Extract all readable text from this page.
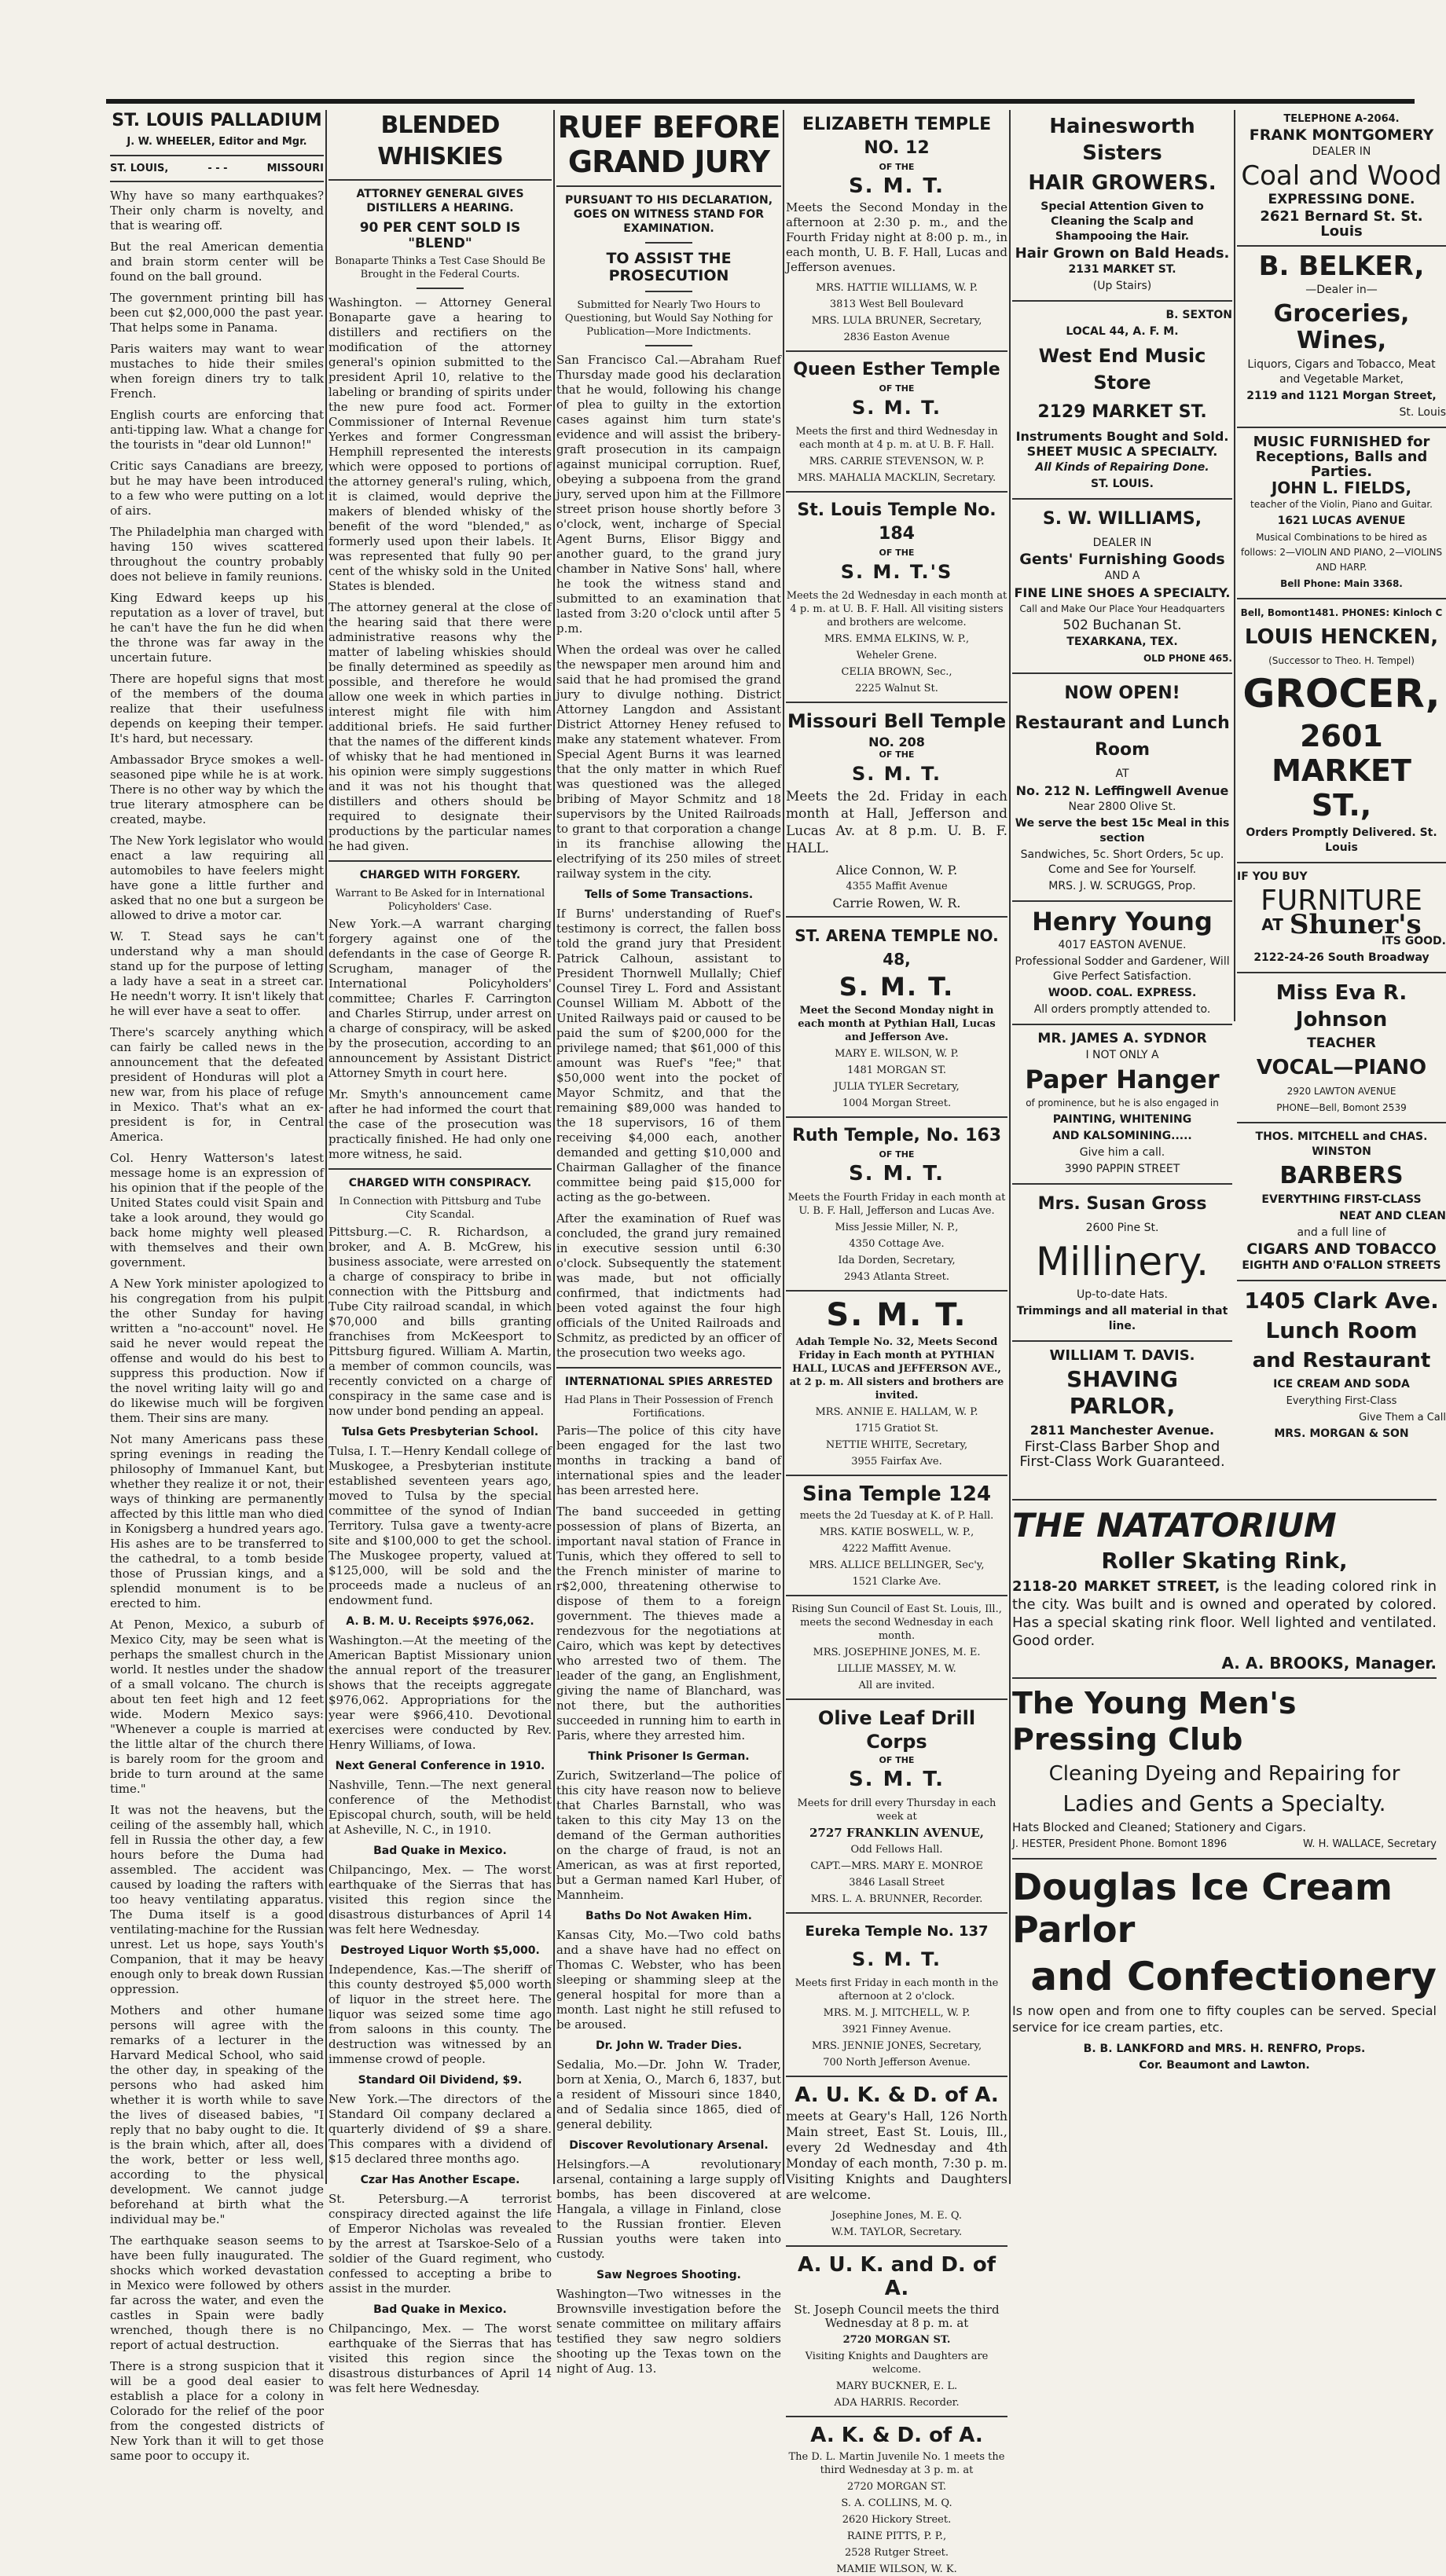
ST. LOUIS PALLADIUM
J. W. WHEELER, Editor and Mgr.
ST. LOUIS,	- - -	MISSOURI

Why have so many earthquakes? Their only charm is novelty, and that is wearing off.

But the real American dementia and brain storm center will be found on the ball ground.

The government printing bill has been cut $2,000,000 the past year. That helps some in Panama.

Paris waiters may want to wear mustaches to hide their smiles when foreign diners try to talk French.

English courts are enforcing that anti-tipping law. What a change for the tourists in "dear old Lunnon!"

Critic says Canadians are breezy, but he may have been introduced to a few who were putting on a lot of airs.

The Philadelphia man charged with having 150 wives scattered throughout the country probably does not believe in family reunions.

King Edward keeps up his reputation as a lover of travel, but he can't have the fun he did when the throne was far away in the uncertain future.

There are hopeful signs that most of the members of the douma realize that their usefulness depends on keeping their temper. It's hard, but necessary.

Ambassador Bryce smokes a well-seasoned pipe while he is at work. There is no other way by which the true literary atmosphere can be created, maybe.

The New York legislator who would enact a law requiring all automobiles to have feelers might have gone a little further and asked that no one but a surgeon be allowed to drive a motor car.

W. T. Stead says he can't understand why a man should stand up for the purpose of letting a lady have a seat in a street car. He needn't worry. It isn't likely that he will ever have a seat to offer.

There's scarcely anything which can fairly be called news in the announcement that the defeated president of Honduras will plot a new war, from his place of refuge in Mexico. That's what an ex-president is for, in Central America.

Col. Henry Watterson's latest message home is an expression of his opinion that if the people of the United States could visit Spain and take a look around, they would go back home mighty well pleased with themselves and their own government.

A New York minister apologized to his congregation from his pulpit the other Sunday for having written a "no-account" novel. He said he never would repeat the offense and would do his best to suppress this production. Now if the novel writing laity will go and do likewise much will be forgiven them. Their sins are many.

Not many Americans pass these spring evenings in reading the philosophy of Immanuel Kant, but whether they realize it or not, their ways of thinking are permanently affected by this little man who died in Konigsberg a hundred years ago. His ashes are to be transferred to the cathedral, to a tomb beside those of Prussian kings, and a splendid monument is to be erected to him.

At Penon, Mexico, a suburb of Mexico City, may be seen what is perhaps the smallest church in the world. It nestles under the shadow of a small volcano. The church is about ten feet high and 12 feet wide. Modern Mexico says: "Whenever a couple is married at the little altar of the church there is barely room for the groom and bride to turn around at the same time."

It was not the heavens, but the ceiling of the assembly hall, which fell in Russia the other day, a few hours before the Duma had assembled. The accident was caused by loading the rafters with too heavy ventilating apparatus. The Duma itself is a good ventilating-machine for the Russian unrest. Let us hope, says Youth's Companion, that it may be heavy enough only to break down Russian oppression.

Mothers and other humane persons will agree with the remarks of a lecturer in the Harvard Medical School, who said the other day, in speaking of the persons who had asked him whether it is worth while to save the lives of diseased babies, "I reply that no baby ought to die. It is the brain which, after all, does the work, better or less well, according to the physical development. We cannot judge beforehand at birth what the individual may be."

The earthquake season seems to have been fully inaugurated. The shocks which worked devastation in Mexico were followed by others far across the water, and even the castles in Spain were badly wrenched, though there is no report of actual destruction.

There is a strong suspicion that it will be a good deal easier to establish a place for a colony in Colorado for the relief of the poor from the congested districts of New York than it will to get those same poor to occupy it.

BLENDED WHISKIES
ATTORNEY GENERAL GIVES DISTILLERS A HEARING.
90 PER CENT SOLD IS "BLEND"
Bonaparte Thinks a Test Case Should Be Brought in the Federal Courts.

Washington. — Attorney General Bonaparte gave a hearing to distillers and rectifiers on the modification of the attorney general's opinion submitted to the president April 10, relative to the labeling or branding of spirits under the new pure food act. Former Commissioner of Internal Revenue Yerkes and former Congressman Hemphill represented the interests which were opposed to portions of the attorney general's ruling, which, it is claimed, would deprive the makers of blended whisky of the benefit of the word "blended," as formerly used upon their labels. It was represented that fully 90 per cent of the whisky sold in the United States is blended.

The attorney general at the close of the hearing said that there were administrative reasons why the matter of labeling whiskies should be finally determined as speedily as possible, and therefore he would allow one week in which parties in interest might file with him additional briefs. He said further that the names of the different kinds of whisky that he had mentioned in his opinion were simply suggestions and it was not his thought that distillers and others should be required to designate their productions by the particular names he had given.

CHARGED WITH FORGERY.
Warrant to Be Asked for in International Policyholders' Case.

New York.—A warrant charging forgery against one of the defendants in the case of George R. Scrugham, manager of the International Policyholders' committee; Charles F. Carrington and Charles Stirrup, under arrest on a charge of conspiracy, will be asked by the prosecution, according to an announcement by Assistant District Attorney Smyth in court here.

Mr. Smyth's announcement came after he had informed the court that the case of the prosecution was practically finished. He had only one more witness, he said.

CHARGED WITH CONSPIRACY.
In Connection with Pittsburg and Tube City Scandal.

Pittsburg.—C. R. Richardson, a broker, and A. B. McGrew, his business associate, were arrested on a charge of conspiracy to bribe in connection with the Pittsburg and Tube City railroad scandal, in which $70,000 and bills granting franchises from McKeesport to Pittsburg figured. William A. Martin, a member of common councils, was recently convicted on a charge of conspiracy in the same case and is now under bond pending an appeal.

Tulsa Gets Presbyterian School.

Tulsa, I. T.—Henry Kendall college of Muskogee, a Presbyterian institute established seventeen years ago, moved to Tulsa by the special committee of the synod of Indian Territory. Tulsa gave a twenty-acre site and $100,000 to get the school. The Muskogee property, valued at $125,000, will be sold and the proceeds made a nucleus of an endowment fund.

A. B. M. U. Receipts $976,062.

Washington.—At the meeting of the American Baptist Missionary union the annual report of the treasurer shows that the receipts aggregate $976,062. Appropriations for the year were $966,410. Devotional exercises were conducted by Rev. Henry Williams, of Iowa.

Next General Conference in 1910.

Nashville, Tenn.—The next general conference of the Methodist Episcopal church, south, will be held at Asheville, N. C., in 1910.

Bad Quake in Mexico.

Chilpancingo, Mex. — The worst earthquake of the Sierras that has visited this region since the disastrous disturbances of April 14 was felt here Wednesday.

Destroyed Liquor Worth $5,000.

Independence, Kas.—The sheriff of this county destroyed $5,000 worth of liquor in the street here. The liquor was seized some time ago from saloons in this county. The destruction was witnessed by an immense crowd of people.

Standard Oil Dividend, $9.

New York.—The directors of the Standard Oil company declared a quarterly dividend of $9 a share. This compares with a dividend of $15 declared three months ago.

Czar Has Another Escape.

St. Petersburg.—A terrorist conspiracy directed against the life of Emperor Nicholas was revealed by the arrest at Tsarskoe-Selo of a soldier of the Guard regiment, who confessed to accepting a bribe to assist in the murder.

Bad Quake in Mexico.

Chilpancingo, Mex. — The worst earthquake of the Sierras that has visited this region since the disastrous disturbances of April 14 was felt here Wednesday.

RUEF BEFORE
GRAND JURY
PURSUANT TO HIS DECLARATION, GOES ON WITNESS STAND FOR EXAMINATION.
TO ASSIST THE PROSECUTION
Submitted for Nearly Two Hours to Questioning, but Would Say Nothing for Publication—More Indictments.

San Francisco Cal.—Abraham Ruef Thursday made good his declaration that he would, following his change of plea to guilty in the extortion cases against him turn state's evidence and will assist the bribery-graft prosecution in its campaign against municipal corruption. Ruef, obeying a subpoena from the grand jury, served upon him at the Fillmore street prison house shortly before 3 o'clock, went, incharge of Special Agent Burns, Elisor Biggy and another guard, to the grand jury chamber in Native Sons' hall, where he took the witness stand and submitted to an examination that lasted from 3:20 o'clock until after 5 p.m.

When the ordeal was over he called the newspaper men around him and said that he had promised the grand jury to divulge nothing. District Attorney Langdon and Assistant District Attorney Heney refused to make any statement whatever. From Special Agent Burns it was learned that the only matter in which Ruef was questioned was the alleged bribing of Mayor Schmitz and 18 supervisors by the United Railroads to grant to that corporation a change in its franchise allowing the electrifying of its 250 miles of street railway system in the city.

Tells of Some Transactions.

If Burns' understanding of Ruef's testimony is correct, the fallen boss told the grand jury that President Patrick Calhoun, assistant to President Thornwell Mullally; Chief Counsel Tirey L. Ford and Assistant Counsel William M. Abbott of the United Railways paid or caused to be paid the sum of $200,000 for the privilege named; that $61,000 of this amount was Ruef's "fee;" that $50,000 went into the pocket of Mayor Schmitz, and that the remaining $89,000 was handed to the 18 supervisors, 16 of them receiving $4,000 each, another demanded and getting $10,000 and Chairman Gallagher of the finance committee being paid $15,000 for acting as the go-between.

After the examination of Ruef was concluded, the grand jury remained in executive session until 6:30 o'clock. Subsequently the statement was made, but not officially confirmed, that indictments had been voted against the four high officials of the United Railroads and Schmitz, as predicted by an officer of the prosecution two weeks ago.

INTERNATIONAL SPIES ARRESTED
Had Plans in Their Possession of French Fortifications.

Paris—The police of this city have been engaged for the last two months in tracking a band of international spies and the leader has been arrested here.

The band succeeded in getting possession of plans of Bizerta, an important naval station of France in Tunis, which they offered to sell to the French minister of marine to r$2,000, threatening otherwise to dispose of them to a foreign government. The thieves made a rendezvous for the negotiations at Cairo, which was kept by detectives who arrested two of them. The leader of the gang, an Englishment, giving the name of Blanchard, was not there, but the authorities succeeded in running him to earth in Paris, where they arrested him.

Think Prisoner Is German.

Zurich, Switzerland—The police of this city have reason now to believe that Charles Barnstall, who was taken to this city May 13 on the demand of the German authorities on the charge of fraud, is not an American, as was at first reported, but a German named Karl Huber, of Mannheim.

Baths Do Not Awaken Him.

Kansas City, Mo.—Two cold baths and a shave have had no effect on Thomas C. Webster, who has been sleeping or shamming sleep at the general hospital for more than a month. Last night he still refused to be aroused.

Dr. John W. Trader Dies.

Sedalia, Mo.—Dr. John W. Trader, born at Xenia, O., March 6, 1837, but a resident of Missouri since 1840, and of Sedalia since 1865, died of general debility.

Discover Revolutionary Arsenal.

Helsingfors.—A revolutionary arsenal, containing a large supply of bombs, has been discovered at Hangala, a village in Finland, close to the Russian frontier. Eleven Russian youths were taken into custody.

Saw Negroes Shooting.

Washington—Two witnesses in the Brownsville investigation before the senate committee on military affairs testified they saw negro soldiers shooting up the Texas town on the night of Aug. 13.

ELIZABETH TEMPLE NO. 12
OF THE
S. M. T.

Meets the Second Monday in the afternoon at 2:30 p. m., and the Fourth Friday night at 8:00 p. m., in each month, U. B. F. Hall, Lucas and Jefferson avenues.

MRS. HATTIE WILLIAMS, W. P.
3813 West Bell Boulevard
MRS. LULA BRUNER, Secretary,
2836 Easton Avenue
Queen Esther Temple
OF THE
S. M. T.
Meets the first and third Wednesday in each month at 4 p. m. at U. B. F. Hall.
MRS. CARRIE STEVENSON, W. P.
MRS. MAHALIA MACKLIN, Secretary.
St. Louis Temple No. 184
OF THE
S. M. T.'S
Meets the 2d Wednesday in each month at 4 p. m. at U. B. F. Hall. All visiting sisters and brothers are welcome.
MRS. EMMA ELKINS, W. P.,
Weheler Grene.
CELIA BROWN, Sec.,
2225 Walnut St.
Missouri Bell Temple
NO. 208
OF THE
S. M. T.

Meets the 2d. Friday in each month at Hall, Jefferson and Lucas Av. at 8 p.m. U. B. F. HALL.

Alice Connon, W. P.
4355 Maffit Avenue
Carrie Rowen, W. R.
ST. ARENA TEMPLE NO. 48,
S. M. T.
Meet the Second Monday night in each month at Pythian Hall, Lucas and Jefferson Ave.
MARY E. WILSON, W. P.
1481 MORGAN ST.
JULIA TYLER Secretary,
1004 Morgan Street.
Ruth Temple, No. 163
OF THE
S. M. T.
Meets the Fourth Friday in each month at U. B. F. Hall, Jefferson and Lucas Ave.
Miss Jessie Miller, N. P.,
4350 Cottage Ave.
Ida Dorden, Secretary,
2943 Atlanta Street.
S. M. T.
Adah Temple No. 32, Meets Second Friday in Each month at PYTHIAN HALL, LUCAS and JEFFERSON AVE., at 2 p. m. All sisters and brothers are invited.
MRS. ANNIE E. HALLAM, W. P.
1715 Gratiot St.
NETTIE WHITE, Secretary,
3955 Fairfax Ave.
Sina Temple 124
meets the 2d Tuesday at K. of P. Hall.
MRS. KATIE BOSWELL, W. P.,
4222 Maffitt Avenue.
MRS. ALLICE BELLINGER, Sec'y,
1521 Clarke Ave.
Rising Sun Council of East St. Louis, Ill., meets the second Wednesday in each month.
MRS. JOSEPHINE JONES, M. E.
LILLIE MASSEY, M. W.
All are invited.
Olive Leaf Drill Corps
OF THE
S. M. T.
Meets for drill every Thursday in each week at
2727 FRANKLIN AVENUE,
Odd Fellows Hall.
CAPT.—MRS. MARY E. MONROE
3846 Lasall Street
MRS. L. A. BRUNNER, Recorder.
Eureka Temple No. 137
S. M. T.
Meets first Friday in each month in the afternoon at 2 o'clock.
MRS. M. J. MITCHELL, W. P.
3921 Finney Avenue.
MRS. JENNIE JONES, Secretary,
700 North Jefferson Avenue.
A. U. K. & D. of A.

meets at Geary's Hall, 126 North Main street, East St. Louis, Ill., every 2d Wednesday and 4th Monday of each month, 7:30 p. m. Visiting Knights and Daughters are welcome.

Josephine Jones, M. E. Q.
W.M. TAYLOR, Secretary.
A. U. K. and D. of A.
St. Joseph Council meets the third Wednesday at 8 p. m. at
2720 MORGAN ST.
Visiting Knights and Daughters are welcome.
MARY BUCKNER, E. L.
ADA HARRIS. Recorder.
A. K. & D. of A.
The D. L. Martin Juvenile No. 1 meets the third Wednesday at 3 p. m. at
2720 MORGAN ST.
S. A. COLLINS, M. Q.
2620 Hickory Street.
RAINE PITTS, P. P.,
2528 Rutger Street.
MAMIE WILSON, W. K.
Hainesworth Sisters
HAIR GROWERS.
Special Attention Given to Cleaning the Scalp and Shampooing the Hair.
Hair Grown on Bald Heads.
2131 MARKET ST.
(Up Stairs)
B. SEXTON
LOCAL 44, A. F. M.
West End Music Store
2129 MARKET ST.
Instruments Bought and Sold. SHEET MUSIC A SPECIALTY.
All Kinds of Repairing Done.
ST. LOUIS.
S. W. WILLIAMS,
DEALER IN
Gents' Furnishing Goods
AND A
FINE LINE SHOES A SPECIALTY.
Call and Make Our Place Your Headquarters
502 Buchanan St.
TEXARKANA, TEX.
OLD PHONE 465.
NOW OPEN!
Restaurant and Lunch Room
AT
No. 212 N. Leffingwell Avenue
Near 2800 Olive St.
We serve the best 15c Meal in this section
Sandwiches, 5c. Short Orders, 5c up. Come and See for Yourself.
MRS. J. W. SCRUGGS, Prop.
Henry Young
4017 EASTON AVENUE.
Professional Sodder and Gardener, Will Give Perfect Satisfaction.
WOOD. COAL. EXPRESS.
All orders promptly attended to.
MR. JAMES A. SYDNOR
I NOT ONLY A
Paper Hanger
of prominence, but he is also engaged in
PAINTING, WHITENING
AND KALSOMINING.....
Give him a call.
3990 PAPPIN STREET
Mrs. Susan Gross
2600 Pine St.
Millinery.
Up-to-date Hats.
Trimmings and all material in that line.
WILLIAM T. DAVIS.
SHAVING PARLOR,
2811 Manchester Avenue.
First-Class Barber Shop and First-Class Work Guaranteed.
TELEPHONE A-2064.
FRANK MONTGOMERY
DEALER IN
Coal and Wood
EXPRESSING DONE.
2621 Bernard St. St. Louis
B. BELKER,
—Dealer in—
Groceries, Wines,
Liquors, Cigars and Tobacco, Meat and Vegetable Market,
2119 and 1121 Morgan Street,
St. Louis
MUSIC FURNISHED for Receptions, Balls and Parties.
JOHN L. FIELDS,
teacher of the Violin, Piano and Guitar.
1621 LUCAS AVENUE
Musical Combinations to be hired as follows: 2—VIOLIN AND PIANO, 2—VIOLINS AND HARP.
Bell Phone: Main 3368.
Bell, Bomont1481. PHONES: Kinloch C
LOUIS HENCKEN,
(Successor to Theo. H. Tempel)
GROCER,
2601 MARKET ST.,
Orders Promptly Delivered. St. Louis
IF YOU BUY
FURNITURE
AT Shuner's
ITS GOOD.
2122-24-26 South Broadway
Miss Eva R. Johnson
TEACHER
VOCAL—PIANO
2920 LAWTON AVENUE
PHONE—Bell, Bomont 2539
THOS. MITCHELL and CHAS. WINSTON
BARBERS
EVERYTHING FIRST-CLASS
NEAT AND CLEAN
and a full line of
CIGARS AND TOBACCO
EIGHTH AND O'FALLON STREETS
1405 Clark Ave.
Lunch Room
and Restaurant
ICE CREAM AND SODA
Everything First-Class
Give Them a Call
MRS. MORGAN & SON
THE NATATORIUM
Roller Skating Rink,

2118-20 MARKET STREET, is the leading colored rink in the city. Was built and is owned and operated by colored. Has a special skating rink floor. Well lighted and ventilated. Good order.

A. A. BROOKS, Manager.
The Young Men's Pressing Club
Cleaning Dyeing and Repairing for
Ladies and Gents a Specialty.
Hats Blocked and Cleaned; Stationery and Cigars.
J. HESTER, President Phone. Bomont 1896	W. H. WALLACE, Secretary
Douglas Ice Cream Parlor
and Confectionery

Is now open and from one to fifty couples can be served. Special service for ice cream parties, etc.

B. B. LANKFORD and MRS. H. RENFRO, Props.
Cor. Beaumont and Lawton.
